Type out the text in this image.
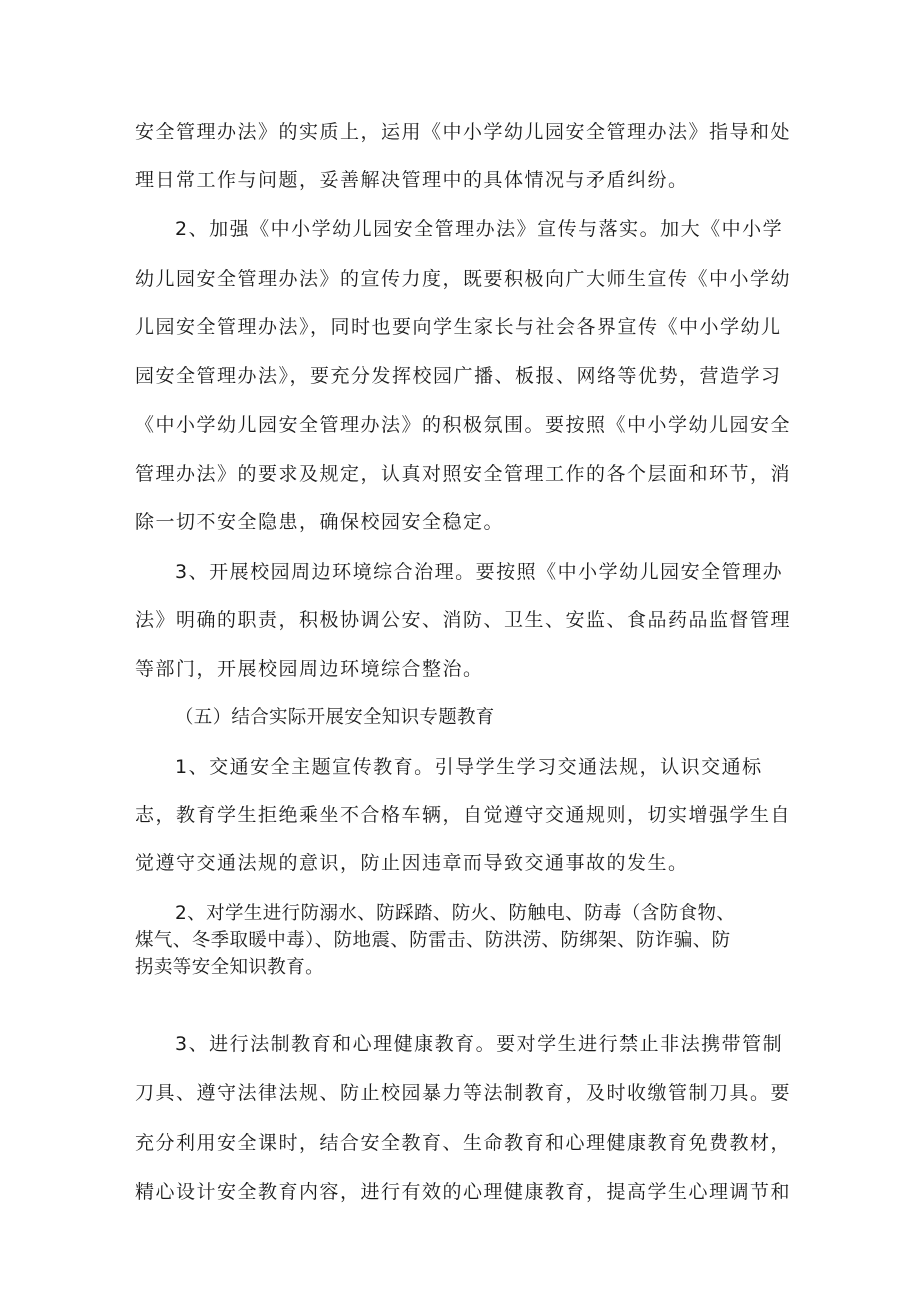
安全管理办法》的实质上，运用《中小学幼儿园安全管理办法》指导和处
理日常工作与问题，妥善解决管理中的具体情况与矛盾纠纷。
2、加强《中小学幼儿园安全管理办法》宣传与落实。加大《中小学
幼儿园安全管理办法》的宣传力度，既要积极向广大师生宣传《中小学幼
儿园安全管理办法》，同时也要向学生家长与社会各界宣传《中小学幼儿
园安全管理办法》，要充分发挥校园广播、板报、网络等优势，营造学习
《中小学幼儿园安全管理办法》的积极氛围。要按照《中小学幼儿园安全
管理办法》的要求及规定，认真对照安全管理工作的各个层面和环节，消
除一切不安全隐患，确保校园安全稳定。
3、开展校园周边环境综合治理。要按照《中小学幼儿园安全管理办
法》明确的职责，积极协调公安、消防、卫生、安监、食品药品监督管理
等部门，开展校园周边环境综合整治。
（五）结合实际开展安全知识专题教育
1、交通安全主题宣传教育。引导学生学习交通法规，认识交通标
志，教育学生拒绝乘坐不合格车辆，自觉遵守交通规则，切实增强学生自
觉遵守交通法规的意识，防止因违章而导致交通事故的发生。
2、对学生进行防溺水、防踩踏、防火、防触电、防毒（含防食物、
煤气、冬季取暖中毒）、防地震、防雷击、防洪涝、防绑架、防诈骗、防
拐卖等安全知识教育。
3、进行法制教育和心理健康教育。要对学生进行禁止非法携带管制
刀具、遵守法律法规、防止校园暴力等法制教育，及时收缴管制刀具。要
充分利用安全课时，结合安全教育、生命教育和心理健康教育免费教材，
精心设计安全教育内容，进行有效的心理健康教育，提高学生心理调节和
